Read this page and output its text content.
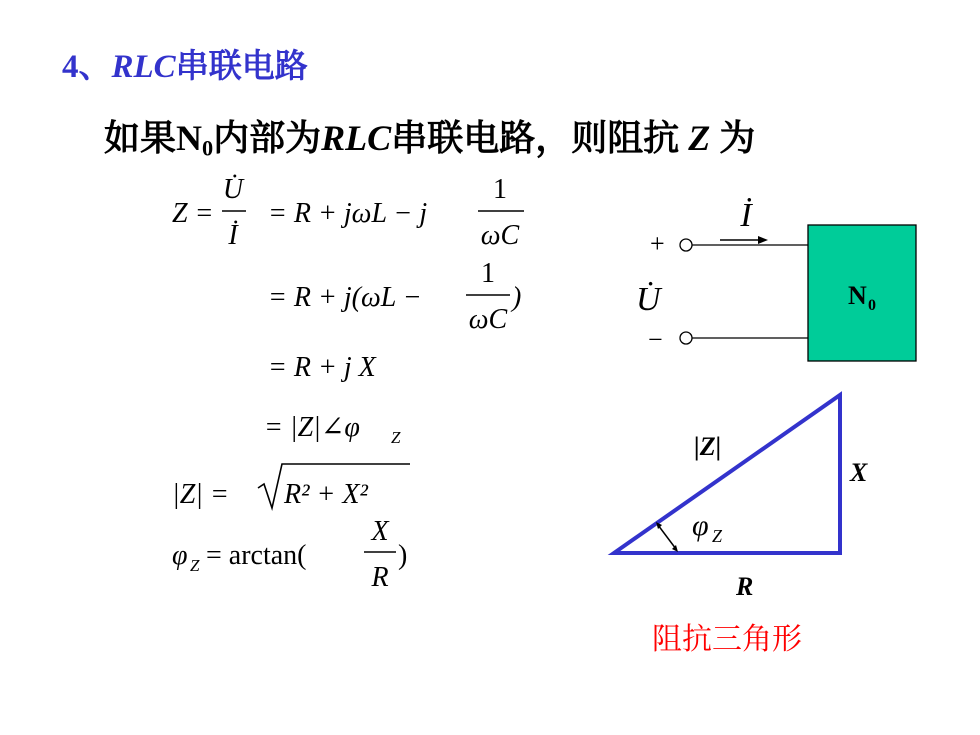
4、RLC串联电路
如果$N_0$内部为RLC串联电路，则阻抗 Z 为
Z =
U̇
İ
= R + jωL − j
1
ωC
= R + j(ωL −
1
ωC
)
= R + j X
= |Z|∠φ Z
|Z| = R² + X²
φ Z = arctan(
X
R
)
İ
+
U̇
−
N 0
|Z|
X
R
φ Z
阻抗三角形
